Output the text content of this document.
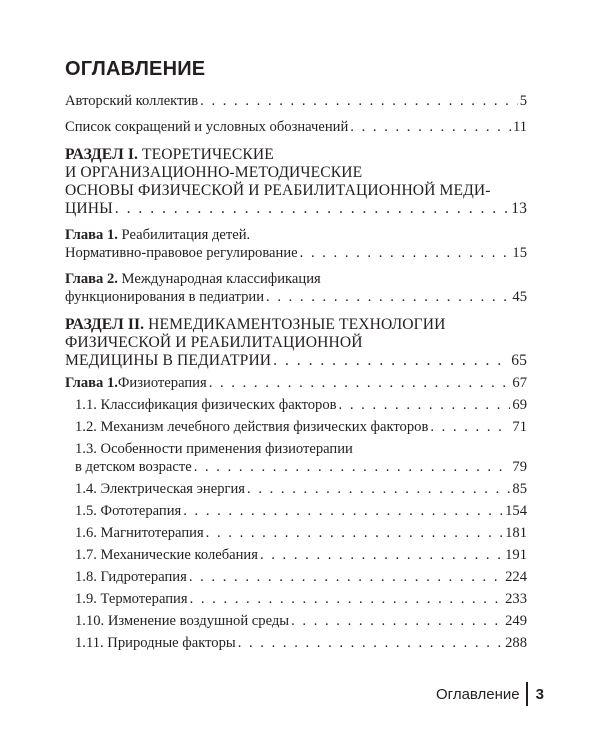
ОГЛАВЛЕНИЕ
Авторский коллектив . . .	5
Список сокращений и условных обозначений . . .	11
РАЗДЕЛ I. ТЕОРЕТИЧЕСКИЕ
И ОРГАНИЗАЦИОННО-МЕТОДИЧЕСКИЕ
ОСНОВЫ ФИЗИЧЕСКОЙ И РЕАБИЛИТАЦИОННОЙ МЕДИ-
ЦИНЫ . . .	13
Глава 1. Реабилитация детей.
Нормативно-правовое регулирование . . .	15
Глава 2. Международная классификация
функционирования в педиатрии . . .	45
РАЗДЕЛ II. НЕМЕДИКАМЕНТОЗНЫЕ ТЕХНОЛОГИИ
ФИЗИЧЕСКОЙ И РЕАБИЛИТАЦИОННОЙ
МЕДИЦИНЫ В ПЕДИАТРИИ . . .	65
Глава 1. Физиотерапия . . .	67
1.1. Классификация физических факторов . . .	69
1.2. Механизм лечебного действия физических факторов . . .	71
1.3. Особенности применения физиотерапии
в детском возрасте . . .	79
1.4. Электрическая энергия . . .	85
1.5. Фототерапия . . .	154
1.6. Магнитотерапия . . .	181
1.7. Механические колебания . . .	191
1.8. Гидротерапия . . .	224
1.9. Термотерапия . . .	233
1.10. Изменение воздушной среды . . .	249
1.11. Природные факторы . . .	288
Оглавление 3
